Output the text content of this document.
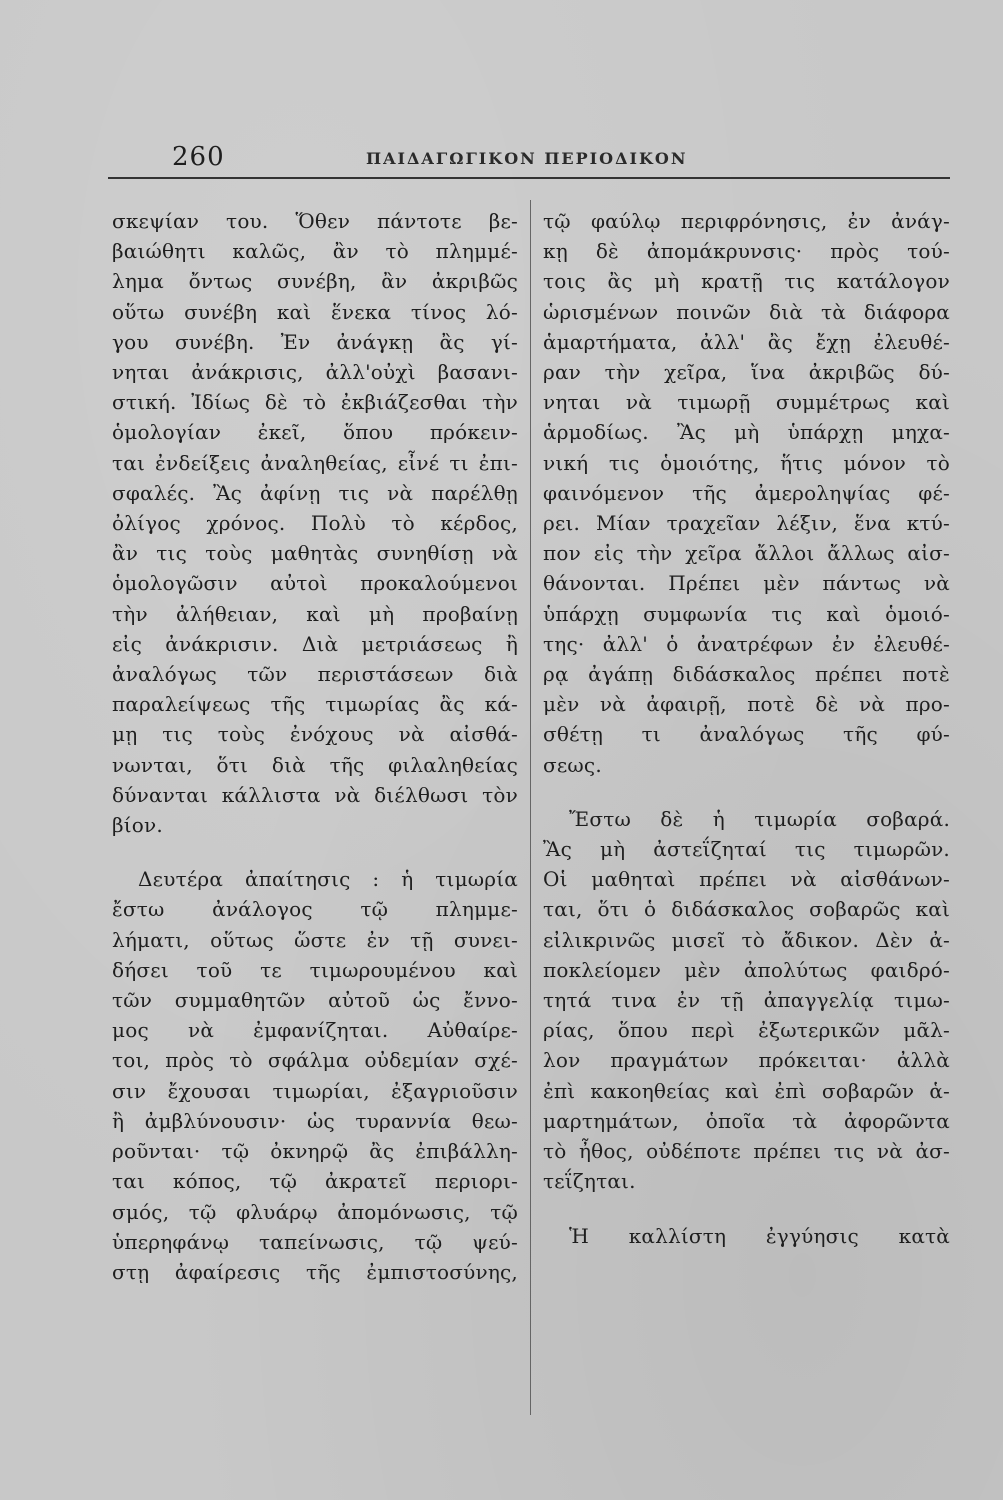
260	ΠΑΙΔΑΓΩΓΙΚΟΝ ΠΕΡΙΟΔΙΚΟΝ
σκεψίαν του. Ὅθεν πάντοτε βε-
βαιώθητι καλῶς, ἂν τὸ πλημμέ-
λημα ὄντως συνέβη, ἂν ἀκριβῶς
οὕτω συνέβη καὶ ἕνεκα τίνος λό-
γου συνέβη. Ἐν ἀνάγκῃ ἂς γί-
νηται ἀνάκρισις, ἀλλ'οὐχὶ βασανι-
στική. Ἰδίως δὲ τὸ ἐκβιάζεσθαι τὴν
ὁμολογίαν ἐκεῖ, ὅπου πρόκειν-
ται ἐνδείξεις ἀναληθείας, εἶνέ τι ἐπι-
σφαλές. Ἂς ἀφίνῃ τις νὰ παρέλθῃ
ὀλίγος χρόνος. Πολὺ τὸ κέρδος,
ἂν τις τοὺς μαθητὰς συνηθίσῃ νὰ
ὁμολογῶσιν αὐτοὶ προκαλούμενοι
τὴν ἀλήθειαν, καὶ μὴ προβαίνῃ
εἰς ἀνάκρισιν. Διὰ μετριάσεως ἢ
ἀναλόγως τῶν περιστάσεων διὰ
παραλείψεως τῆς τιμωρίας ἂς κά-
μῃ τις τοὺς ἐνόχους νὰ αἰσθά-
νωνται, ὅτι διὰ τῆς φιλαληθείας
δύνανται κάλλιστα νὰ διέλθωσι τὸν
βίον.
Δευτέρα ἀπαίτησις : ἡ τιμωρία
ἔστω ἀνάλογος τῷ πλημμε-
λήματι, οὕτως ὥστε ἐν τῇ συνει-
δήσει τοῦ τε τιμωρουμένου καὶ
τῶν συμμαθητῶν αὐτοῦ ὡς ἔννο-
μος νὰ ἐμφανίζηται. Αὐθαίρε-
τοι, πρὸς τὸ σφάλμα οὐδεμίαν σχέ-
σιν ἔχουσαι τιμωρίαι, ἐξαγριοῦσιν
ἢ ἀμβλύνουσιν· ὡς τυραννία θεω-
ροῦνται· τῷ ὀκνηρῷ ἂς ἐπιβάλλη-
ται κόπος, τῷ ἀκρατεῖ περιορι-
σμός, τῷ φλυάρῳ ἀπομόνωσις, τῷ
ὑπερηφάνῳ ταπείνωσις, τῷ ψεύ-
στῃ ἀφαίρεσις τῆς ἐμπιστοσύνης,
τῷ φαύλῳ περιφρόνησις, ἐν ἀνάγ-
κῃ δὲ ἀπομάκρυνσις· πρὸς τού-
τοις ἂς μὴ κρατῇ τις κατάλογον
ὡρισμένων ποινῶν διὰ τὰ διάφορα
ἁμαρτήματα, ἀλλ' ἂς ἔχῃ ἐλευθέ-
ραν τὴν χεῖρα, ἵνα ἀκριβῶς δύ-
νηται νὰ τιμωρῇ συμμέτρως καὶ
ἁρμοδίως. Ἂς μὴ ὑπάρχῃ μηχα-
νική τις ὁμοιότης, ἥτις μόνον τὸ
φαινόμενον τῆς ἀμεροληψίας φέ-
ρει. Μίαν τραχεῖαν λέξιν, ἕνα κτύ-
πον εἰς τὴν χεῖρα ἄλλοι ἄλλως αἰσ-
θάνονται. Πρέπει μὲν πάντως νὰ
ὑπάρχῃ συμφωνία τις καὶ ὁμοιό-
της· ἀλλ' ὁ ἀνατρέφων ἐν ἐλευθέ-
ρᾳ ἀγάπῃ διδάσκαλος πρέπει ποτὲ
μὲν νὰ ἀφαιρῇ, ποτὲ δὲ νὰ προ-
σθέτῃ τι ἀναλόγως τῆς φύ-
σεως.
Ἔστω δὲ ἡ τιμωρία σοβαρά.
Ἂς μὴ ἀστεΐζηταί τις τιμωρῶν.
Οἱ μαθηταὶ πρέπει νὰ αἰσθάνων-
ται, ὅτι ὁ διδάσκαλος σοβαρῶς καὶ
εἰλικρινῶς μισεῖ τὸ ἄδικον. Δὲν ἀ-
ποκλείομεν μὲν ἀπολύτως φαιδρό-
τητά τινα ἐν τῇ ἀπαγγελίᾳ τιμω-
ρίας, ὅπου περὶ ἐξωτερικῶν μᾶλ-
λον πραγμάτων πρόκειται· ἀλλὰ
ἐπὶ κακοηθείας καὶ ἐπὶ σοβαρῶν ἁ-
μαρτημάτων, ὁποῖα τὰ ἀφορῶντα
τὸ ἦθος, οὐδέποτε πρέπει τις νὰ ἀσ-
τεΐζηται.
Ἡ καλλίστη ἐγγύησις κατὰ
